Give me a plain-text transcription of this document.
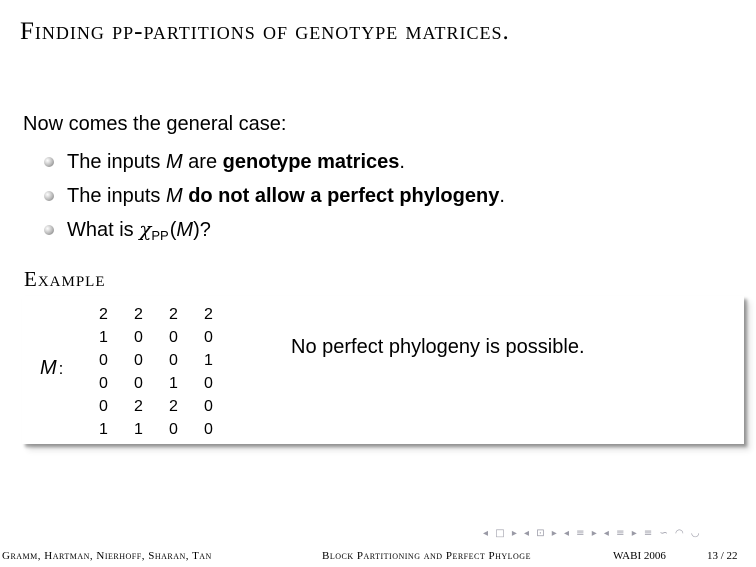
Finding pp-partitions of genotype matrices.
Now comes the general case:
The inputs M are genotype matrices.
The inputs M do not allow a perfect phylogeny.
What is $\chi_{PP}(M)$?
Example
M :
2	2	2	2
1	0	0	0
0	0	0	1
0	0	1	0
0	2	2	0
1	1	0	0
No perfect phylogeny is possible.
◂ □ ▸ ◂ ⊡ ▸ ◂ ≡ ▸ ◂ ≡ ▸ ≡ ∽ ◠ ◡
Gramm, Hartman, Nierhoff, Sharan, Tan	Block Partitioning and Perfect Phyloge	WABI 2006	13 / 22
